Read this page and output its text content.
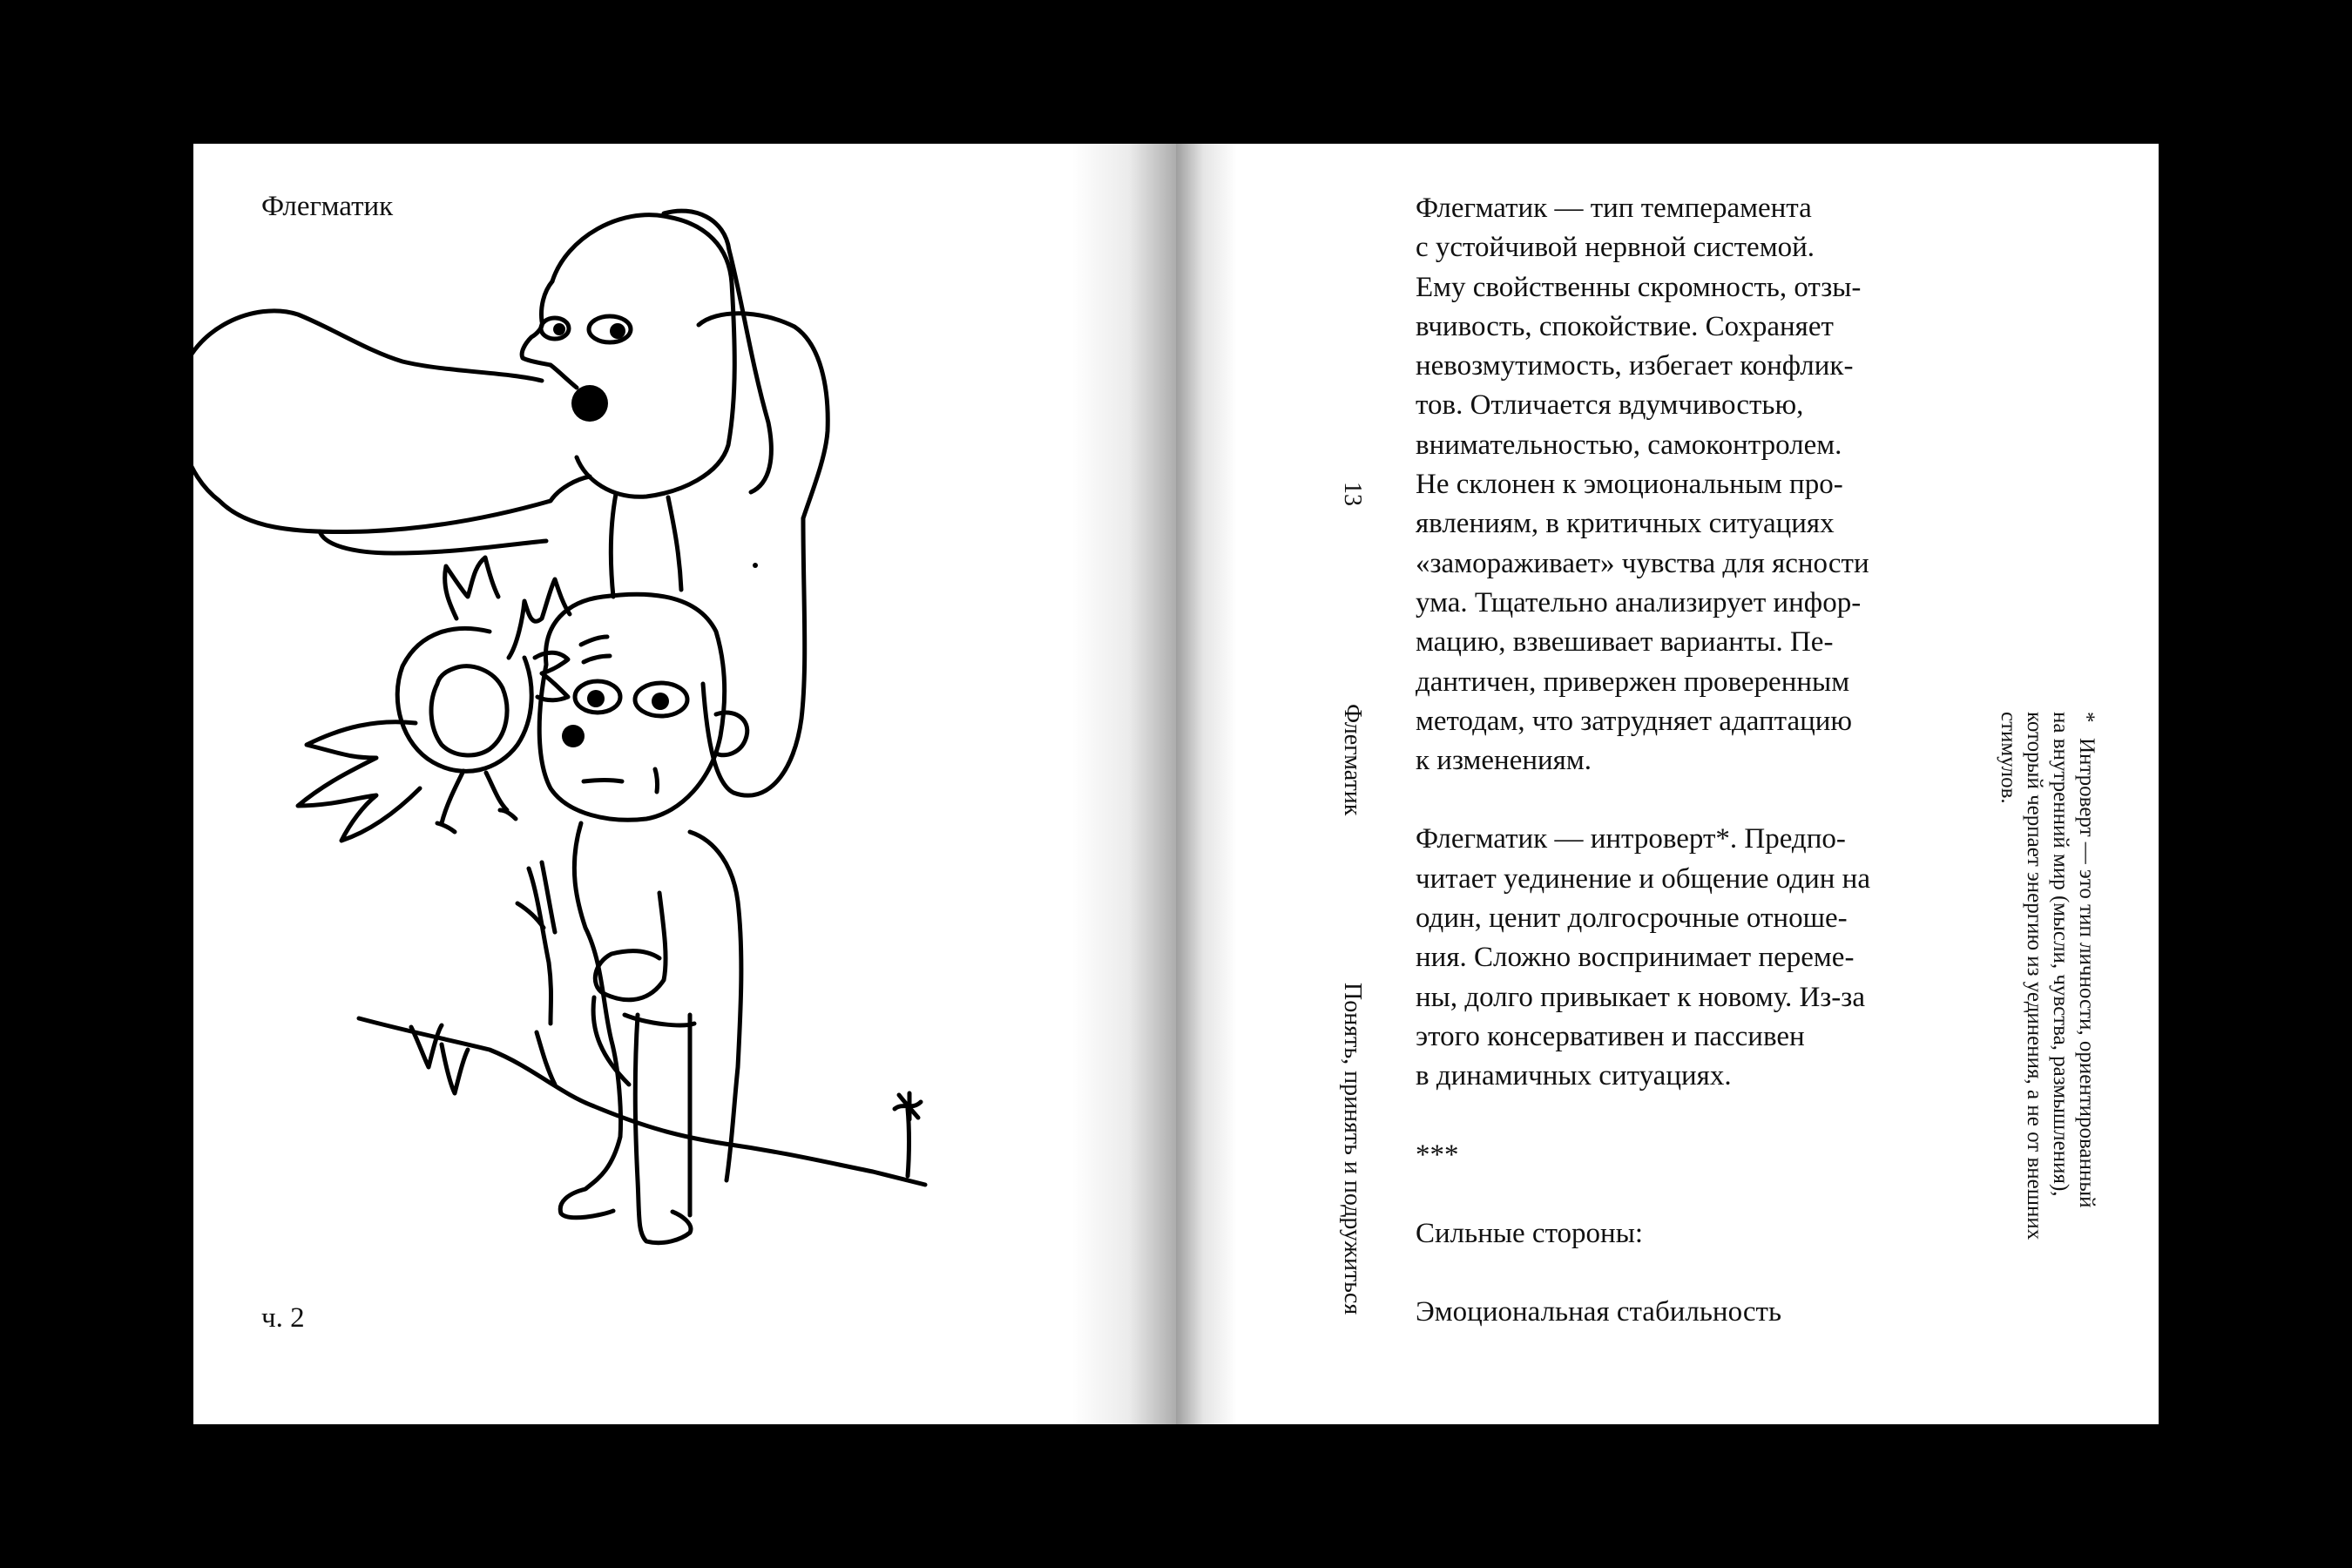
Флегматик
ч. 2
13
Флегматик
Понять, принять и подружиться

Флегматик — тип темперамента
с устойчивой нервной системой.
Ему свойственны скромность, отзы-
вчивость, спокойствие. Сохраняет
невозмутимость, избегает конфлик-
тов. Отличается вдумчивостью,
внимательностью, самоконтролем.
Не склонен к эмоциональным про-
явлениям, в критичных ситуациях
«замораживает» чувства для ясности
ума. Тщательно анализирует инфор-
мацию, взвешивает варианты. Пе-
дантичен, привержен проверенным
методам, что затрудняет адаптацию
к изменениям.

Флегматик — интроверт*. Предпо-
читает уединение и общение один на
один, ценит долгосрочные отноше-
ния. Сложно воспринимает переме-
ны, долго привыкает к новому. Из-за
этого консервативен и пассивен
в динамичных ситуациях.

***

Сильные стороны:

Эмоциональная стабильность

*Интроверт — это тип личности, ориентированный
на внутренний мир (мысли, чувства, размышления),
который черпает энергию из уединения, а не от внешних
стимулов.
